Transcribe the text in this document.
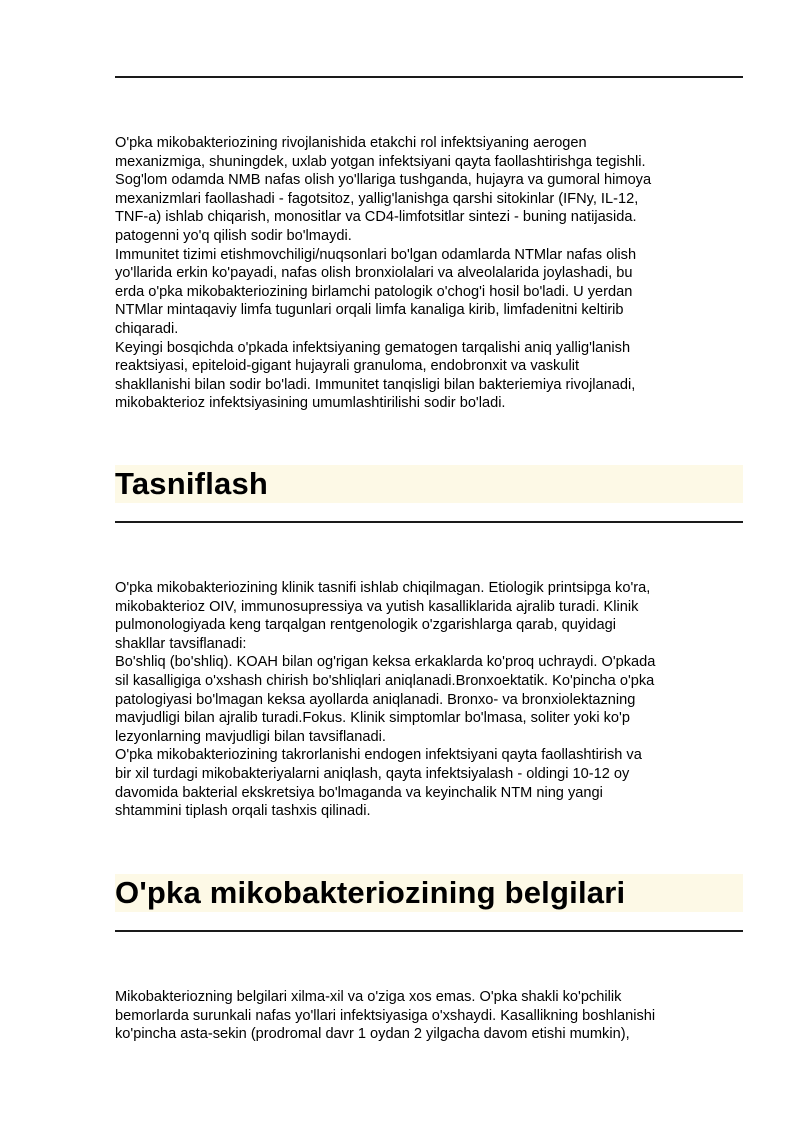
O'pka mikobakteriozining rivojlanishida etakchi rol infektsiyaning aerogen
mexanizmiga, shuningdek, uxlab yotgan infektsiyani qayta faollashtirishga tegishli.
Sog'lom odamda NMB nafas olish yo'llariga tushganda, hujayra va gumoral himoya
mexanizmlari faollashadi - fagotsitoz, yallig'lanishga qarshi sitokinlar (IFNy, IL-12,
TNF-a) ishlab chiqarish, monositlar va CD4-limfotsitlar sintezi - buning natijasida.
patogenni yo'q qilish sodir bo'lmaydi.
Immunitet tizimi etishmovchiligi/nuqsonlari bo'lgan odamlarda NTMlar nafas olish
yo'llarida erkin ko'payadi, nafas olish bronxiolalari va alveolalarida joylashadi, bu
erda o'pka mikobakteriozining birlamchi patologik o'chog'i hosil bo'ladi. U yerdan
NTMlar mintaqaviy limfa tugunlari orqali limfa kanaliga kirib, limfadenitni keltirib
chiqaradi.
Keyingi bosqichda o'pkada infektsiyaning gematogen tarqalishi aniq yallig'lanish
reaktsiyasi, epiteloid-gigant hujayrali granuloma, endobronxit va vaskulit
shakllanishi bilan sodir bo'ladi. Immunitet tanqisligi bilan bakteriemiya rivojlanadi,
mikobakterioz infektsiyasining umumlashtirilishi sodir bo'ladi.

Tasniflash

O'pka mikobakteriozining klinik tasnifi ishlab chiqilmagan. Etiologik printsipga ko'ra,
mikobakterioz OIV, immunosupressiya va yutish kasalliklarida ajralib turadi. Klinik
pulmonologiyada keng tarqalgan rentgenologik o'zgarishlarga qarab, quyidagi
shakllar tavsiflanadi:
Bo'shliq (bo'shliq). KOAH bilan og'rigan keksa erkaklarda ko'proq uchraydi. O'pkada
sil kasalligiga o'xshash chirish bo'shliqlari aniqlanadi.Bronxoektatik. Ko'pincha o'pka
patologiyasi bo'lmagan keksa ayollarda aniqlanadi. Bronxo- va bronxiolektazning
mavjudligi bilan ajralib turadi.Fokus. Klinik simptomlar bo'lmasa, soliter yoki ko'p
lezyonlarning mavjudligi bilan tavsiflanadi.
O'pka mikobakteriozining takrorlanishi endogen infektsiyani qayta faollashtirish va
bir xil turdagi mikobakteriyalarni aniqlash, qayta infektsiyalash - oldingi 10-12 oy
davomida bakterial ekskretsiya bo'lmaganda va keyinchalik NTM ning yangi
shtammini tiplash orqali tashxis qilinadi.

O'pka mikobakteriozining belgilari

Mikobakteriozning belgilari xilma-xil va o'ziga xos emas. O'pka shakli ko'pchilik
bemorlarda surunkali nafas yo'llari infektsiyasiga o'xshaydi. Kasallikning boshlanishi
ko'pincha asta-sekin (prodromal davr 1 oydan 2 yilgacha davom etishi mumkin),
